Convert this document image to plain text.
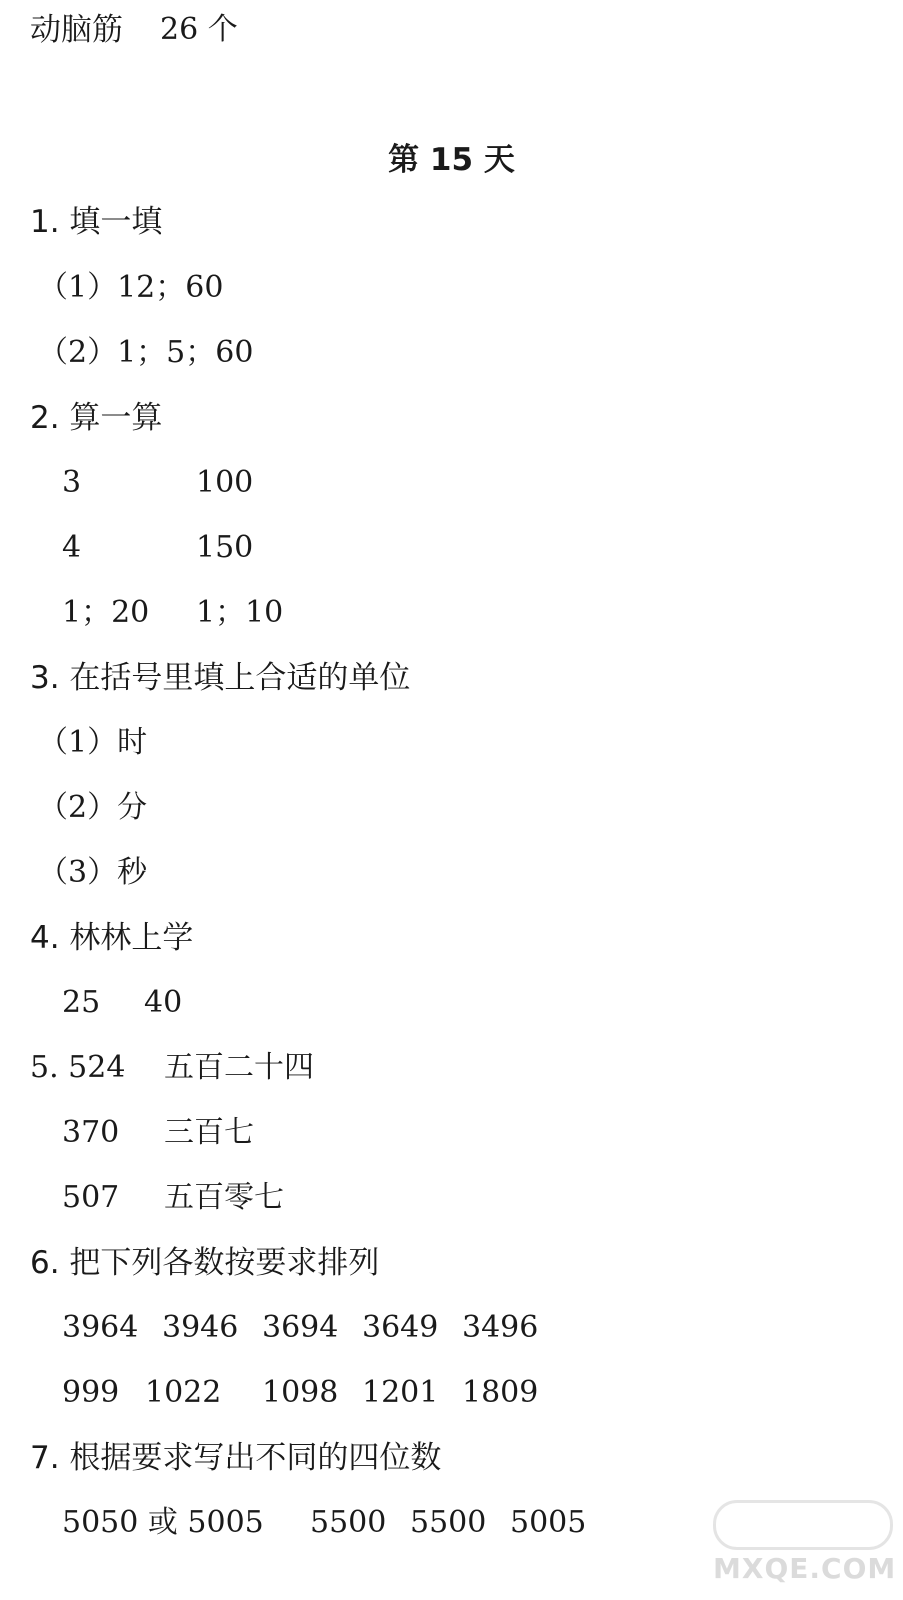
动脑筋 26 个
第 15 天
1. 填一填
（1）12；60
（2）1；5；60
2. 算一算
3	100
4	150
1；20 1；10
3. 在括号里填上合适的单位
（1）时
（2）分
（3）秒
4. 林林上学
25 40
5. 524 五百二十四
370 三百七
507 五百零七
6. 把下列各数按要求排列
3964 3946 3694 3649 3496
999 1022 1098 1201 1809
7. 根据要求写出不同的四位数
5050 或 5005 5500 5500 5005
MXQE.COM
